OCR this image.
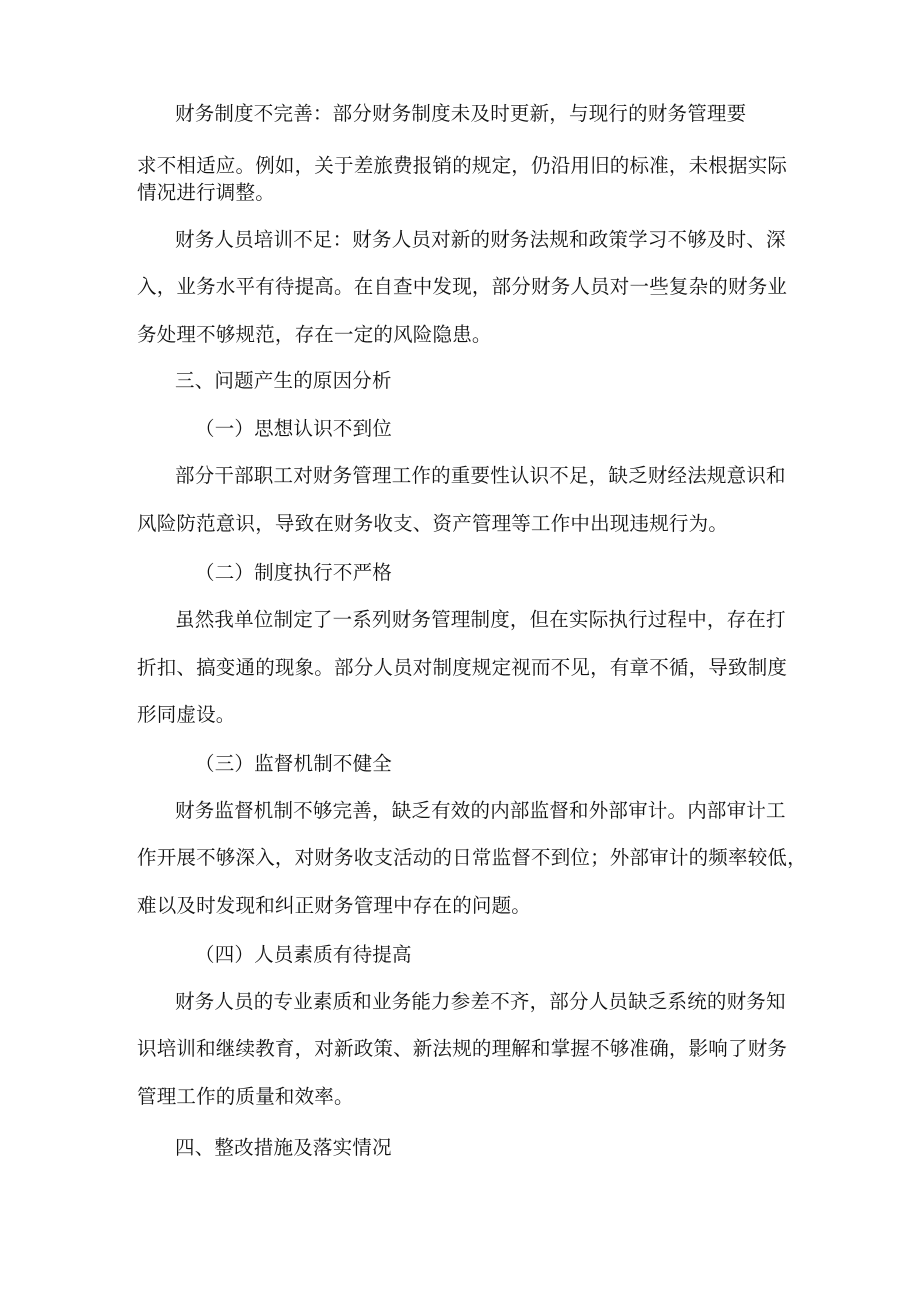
财务制度不完善：部分财务制度未及时更新，与现行的财务管理要
求不相适应。例如，关于差旅费报销的规定，仍沿用旧的标准，未根据实际
情况进行调整。
财务人员培训不足：财务人员对新的财务法规和政策学习不够及时、深
入，业务水平有待提高。在自查中发现，部分财务人员对一些复杂的财务业
务处理不够规范，存在一定的风险隐患。
三、问题产生的原因分析
（一）思想认识不到位
部分干部职工对财务管理工作的重要性认识不足，缺乏财经法规意识和
风险防范意识，导致在财务收支、资产管理等工作中出现违规行为。
（二）制度执行不严格
虽然我单位制定了一系列财务管理制度，但在实际执行过程中，存在打
折扣、搞变通的现象。部分人员对制度规定视而不见，有章不循，导致制度
形同虚设。
（三）监督机制不健全
财务监督机制不够完善，缺乏有效的内部监督和外部审计。内部审计工
作开展不够深入，对财务收支活动的日常监督不到位；外部审计的频率较低，
难以及时发现和纠正财务管理中存在的问题。
（四）人员素质有待提高
财务人员的专业素质和业务能力参差不齐，部分人员缺乏系统的财务知
识培训和继续教育，对新政策、新法规的理解和掌握不够准确，影响了财务
管理工作的质量和效率。
四、整改措施及落实情况
